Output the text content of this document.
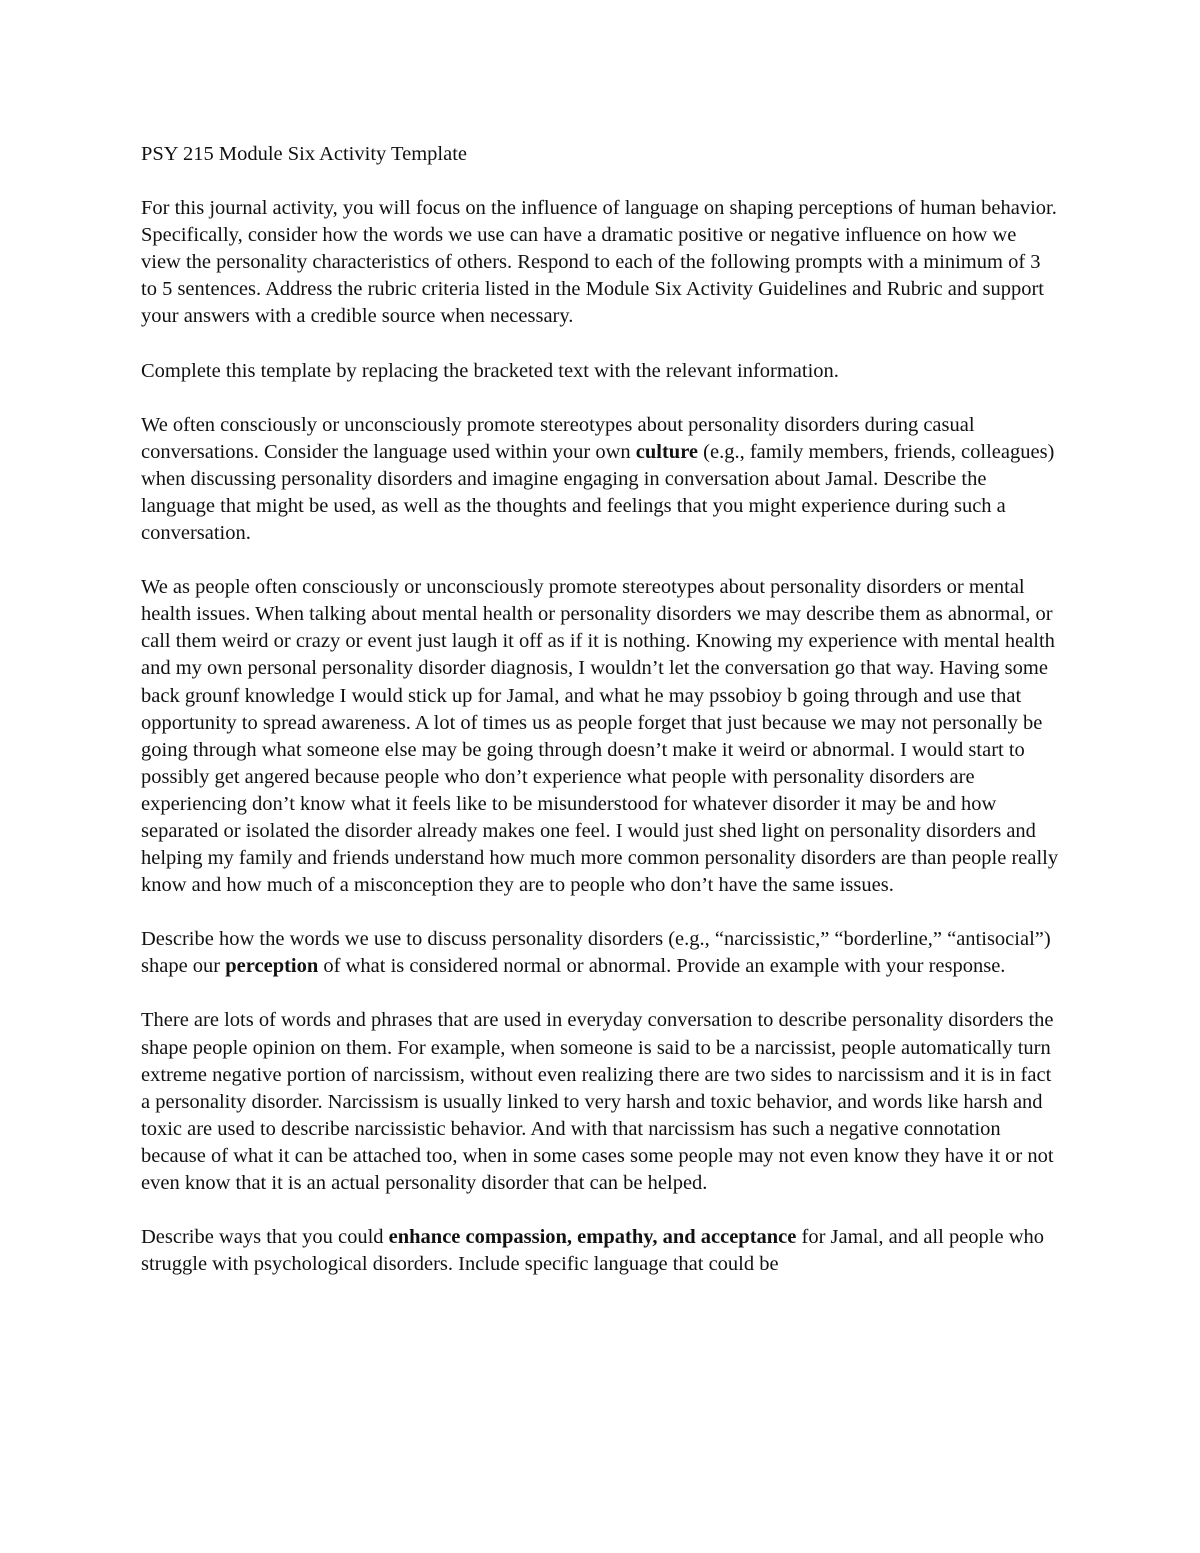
PSY 215 Module Six Activity Template

For this journal activity, you will focus on the influence of language on shaping perceptions of human behavior. Specifically, consider how the words we use can have a dramatic positive or negative influence on how we view the personality characteristics of others. Respond to each of the following prompts with a minimum of 3 to 5 sentences. Address the rubric criteria listed in the Module Six Activity Guidelines and Rubric and support your answers with a credible source when necessary.

Complete this template by replacing the bracketed text with the relevant information.

We often consciously or unconsciously promote stereotypes about personality disorders during casual conversations. Consider the language used within your own culture (e.g., family members, friends, colleagues) when discussing personality disorders and imagine engaging in conversation about Jamal. Describe the language that might be used, as well as the thoughts and feelings that you might experience during such a conversation.

We as people often consciously or unconsciously promote stereotypes about personality disorders or mental health issues. When talking about mental health or personality disorders we may describe them as abnormal, or call them weird or crazy or event just laugh it off as if it is nothing. Knowing my experience with mental health and my own personal personality disorder diagnosis, I wouldn’t let the conversation go that way. Having some back grounf knowledge I would stick up for Jamal, and what he may pssobioy b going through and use that opportunity to spread awareness. A lot of times us as people forget that just because we may not personally be going through what someone else may be going through doesn’t make it weird or abnormal. I would start to possibly get angered because people who don’t experience what people with personality disorders are experiencing don’t know what it feels like to be misunderstood for whatever disorder it may be and how separated or isolated the disorder already makes one feel. I would just shed light on personality disorders and helping my family and friends understand how much more common personality disorders are than people really know and how much of a misconception they are to people who don’t have the same issues.

Describe how the words we use to discuss personality disorders (e.g., “narcissistic,” “borderline,” “antisocial”) shape our perception of what is considered normal or abnormal. Provide an example with your response.

There are lots of words and phrases that are used in everyday conversation to describe personality disorders the shape people opinion on them. For example, when someone is said to be a narcissist, people automatically turn extreme negative portion of narcissism, without even realizing there are two sides to narcissism and it is in fact a personality disorder. Narcissism is usually linked to very harsh and toxic behavior, and words like harsh and toxic are used to describe narcissistic behavior. And with that narcissism has such a negative connotation because of what it can be attached too, when in some cases some people may not even know they have it or not even know that it is an actual personality disorder that can be helped.

Describe ways that you could enhance compassion, empathy, and acceptance for Jamal, and all people who struggle with psychological disorders. Include specific language that could be
